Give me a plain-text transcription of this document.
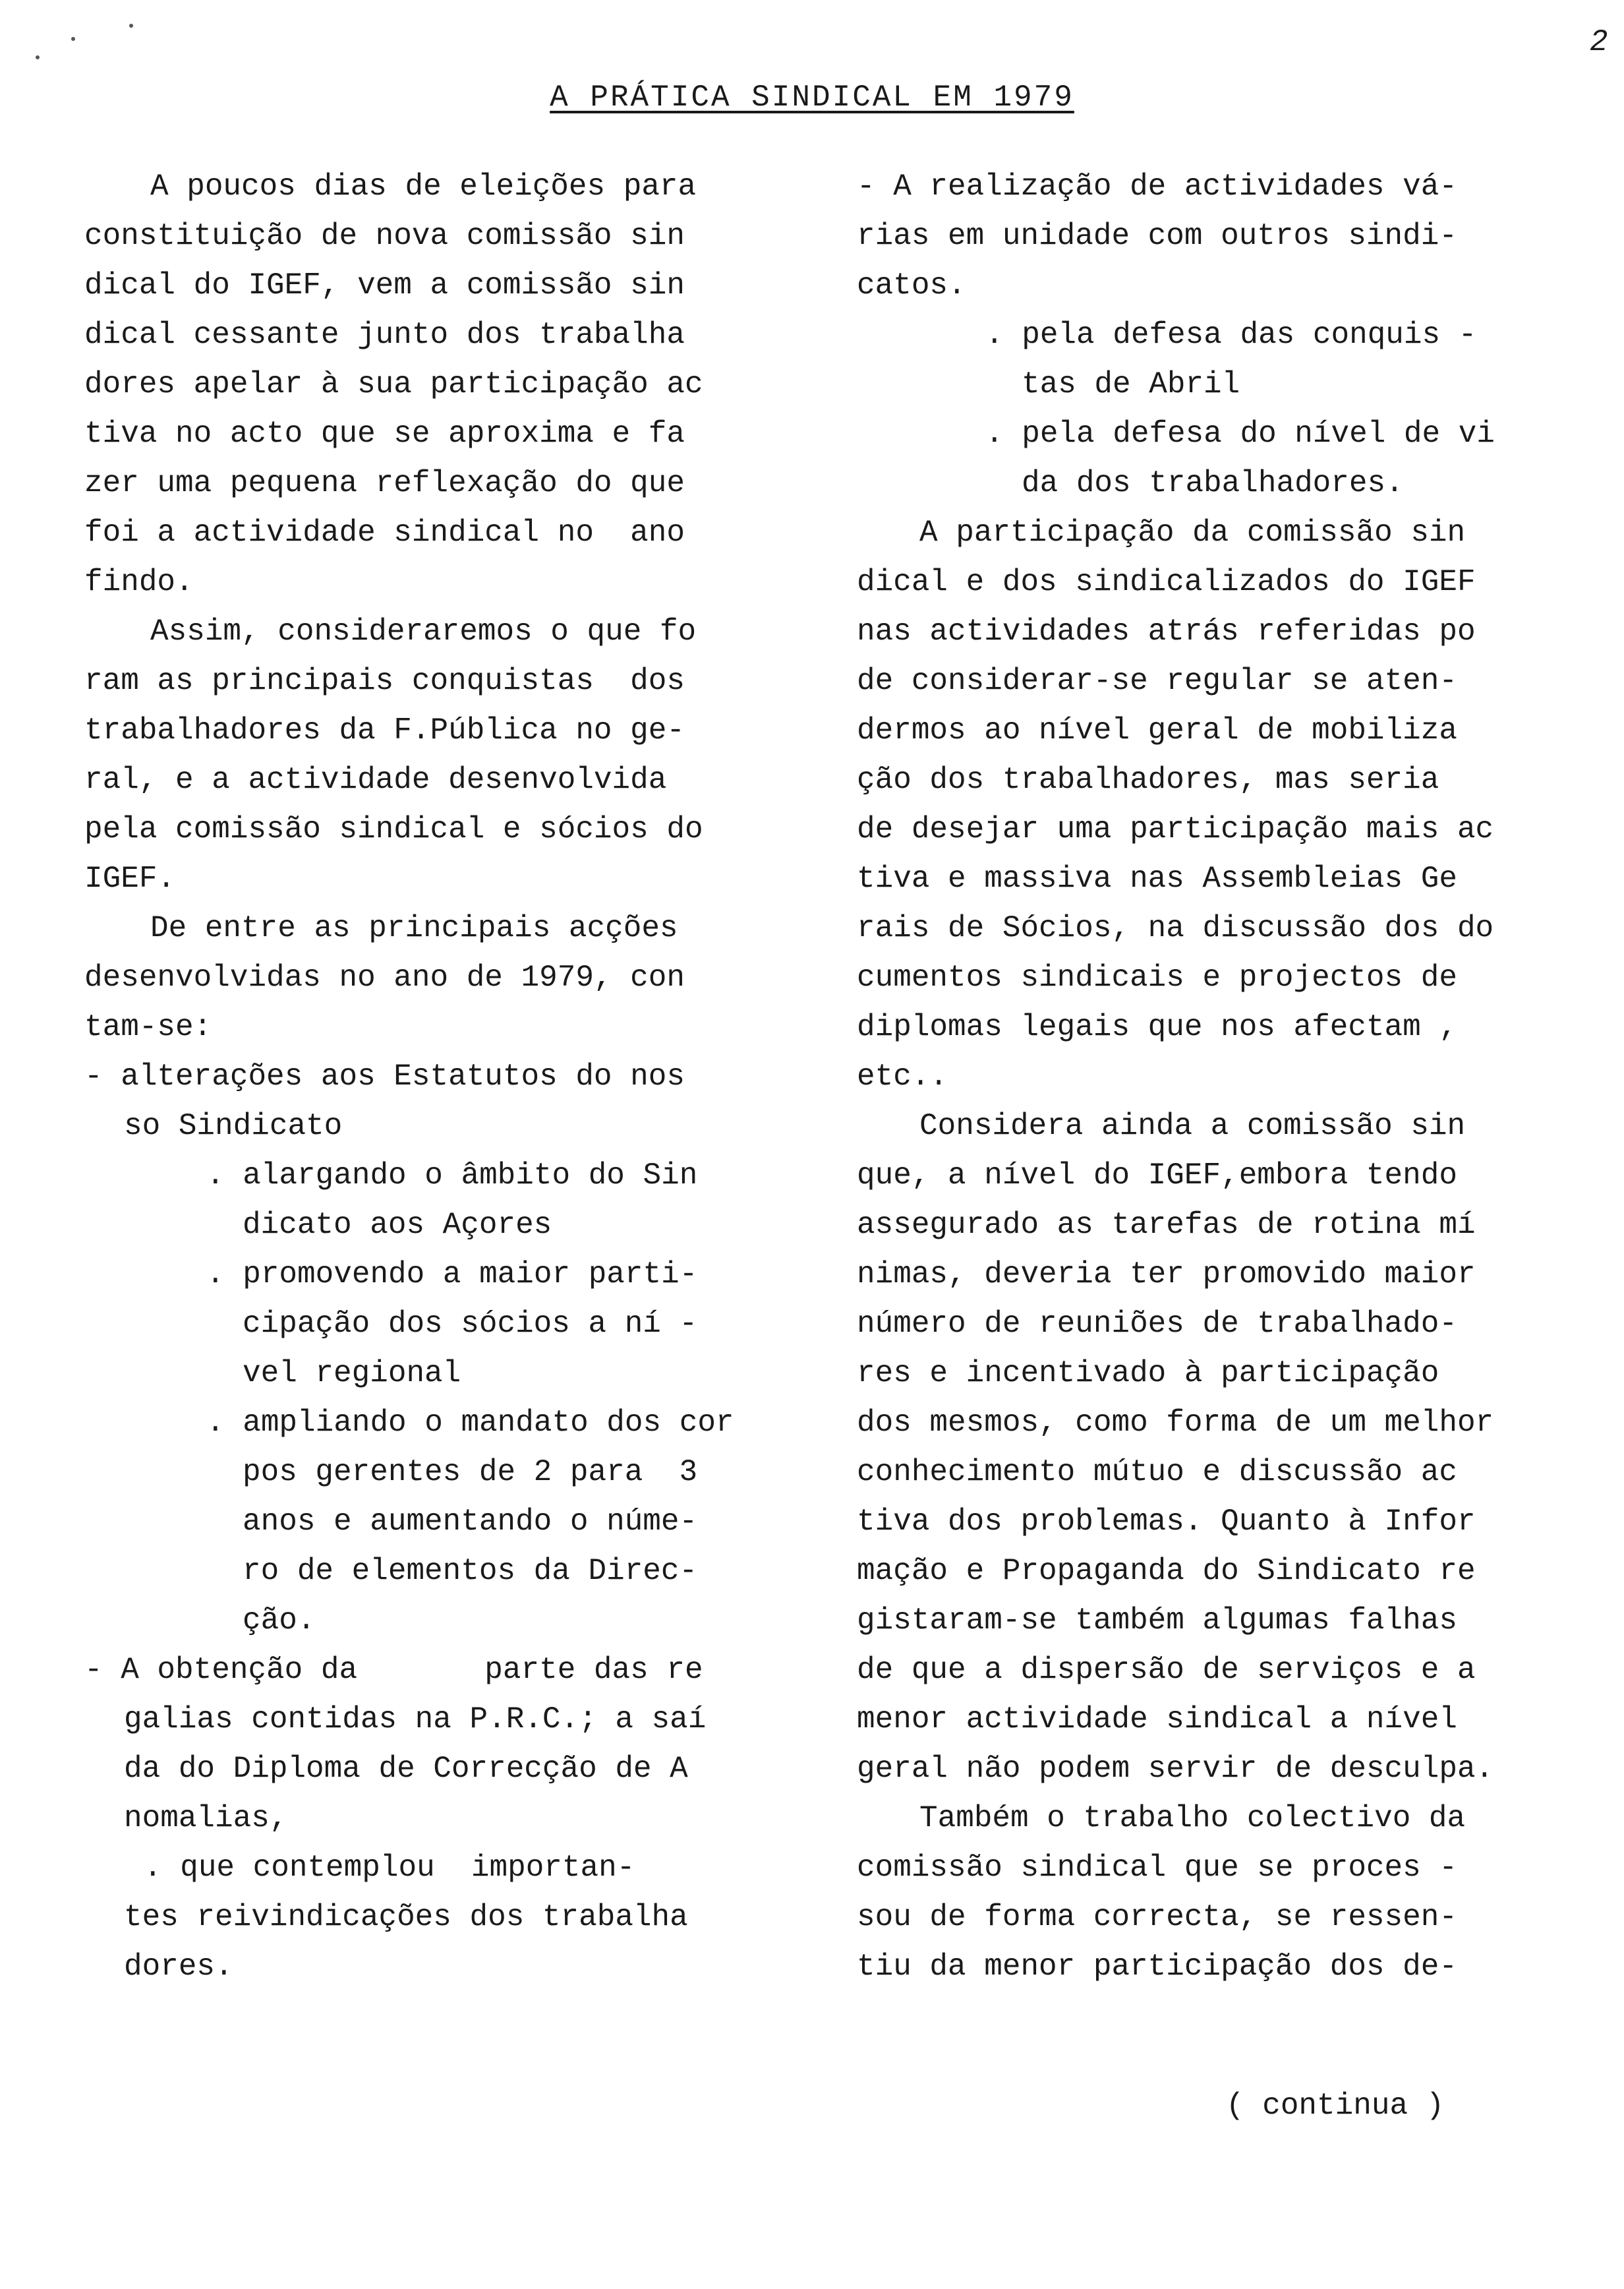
2
A PRÁTICA SINDICAL EM 1979
A poucos dias de eleições para
constituição de nova comissão sin
dical do IGEF, vem a comissão sin
dical cessante junto dos trabalha
dores apelar à sua participação ac
tiva no acto que se aproxima e fa
zer uma pequena reflexação do que
foi a actividade sindical no  ano
findo.
Assim, consideraremos o que fo
ram as principais conquistas  dos
trabalhadores da F.Pública no ge-
ral, e a actividade desenvolvida
pela comissão sindical e sócios do
IGEF.
De entre as principais acções
desenvolvidas no ano de 1979, con
tam-se:
- alterações aos Estatutos do nos
so Sindicato
. alargando o âmbito do Sin
dicato aos Açores
. promovendo a maior parti-
cipação dos sócios a ní -
vel regional
. ampliando o mandato dos cor
pos gerentes de 2 para  3
anos e aumentando o núme-
ro de elementos da Direc-
ção.
- A obtenção da       parte das re
galias contidas na P.R.C.; a saí
da do Diploma de Correcção de A
nomalias,
. que contemplou  importan-
tes reivindicações dos trabalha
dores.
- A realização de actividades vá-
rias em unidade com outros sindi-
catos.
. pela defesa das conquis -
tas de Abril
. pela defesa do nível de vi
da dos trabalhadores.
A participação da comissão sin
dical e dos sindicalizados do IGEF
nas actividades atrás referidas po
de considerar-se regular se aten-
dermos ao nível geral de mobiliza
ção dos trabalhadores, mas seria
de desejar uma participação mais ac
tiva e massiva nas Assembleias Ge
rais de Sócios, na discussão dos do
cumentos sindicais e projectos de
diplomas legais que nos afectam ,
etc..
Considera ainda a comissão sin
que, a nível do IGEF,embora tendo
assegurado as tarefas de rotina mí
nimas, deveria ter promovido maior
número de reuniões de trabalhado-
res e incentivado à participação
dos mesmos, como forma de um melhor
conhecimento mútuo e discussão ac
tiva dos problemas. Quanto à Infor
mação e Propaganda do Sindicato re
gistaram-se também algumas falhas
de que a dispersão de serviços e a
menor actividade sindical a nível
geral não podem servir de desculpa.
Também o trabalho colectivo da
comissão sindical que se proces -
sou de forma correcta, se ressen-
tiu da menor participação dos de-
( continua )
